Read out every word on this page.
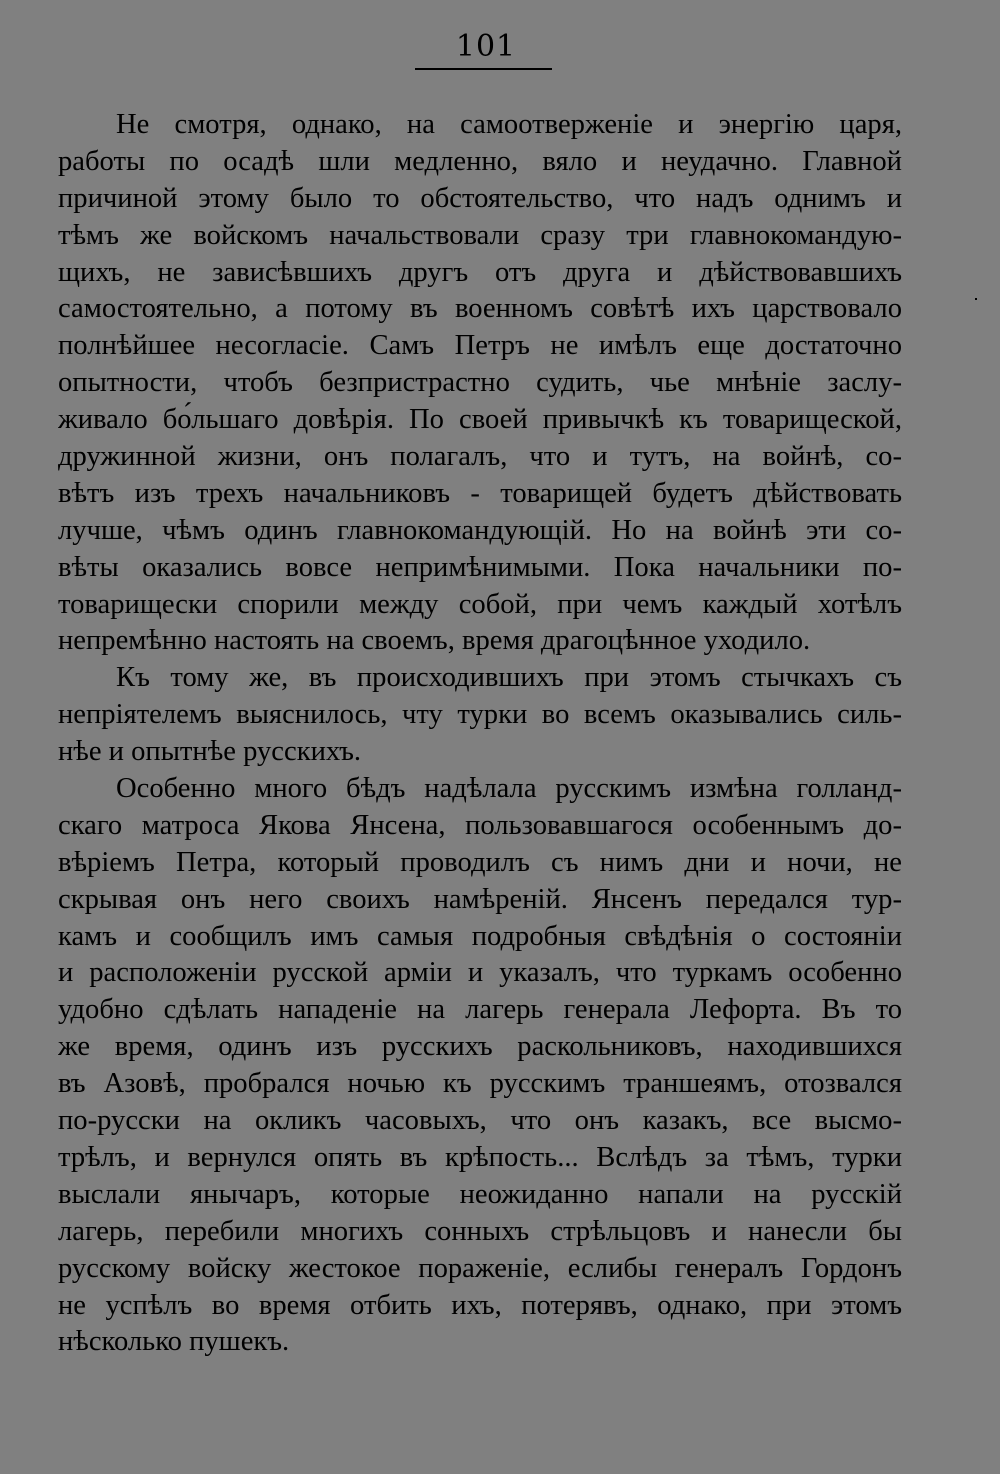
101
Не смотря, однако, на самоотверженіе и энергію царя,
работы по осадѣ шли медленно, вяло и неудачно. Главной
причиной этому было то обстоятельство, что надъ однимъ и
тѣмъ же войскомъ начальствовали сразу три главнокомандую-
щихъ, не зависѣвшихъ другъ отъ друга и дѣйствовавшихъ
самостоятельно, а потому въ военномъ совѣтѣ ихъ царствовало
полнѣйшее несогласіе. Самъ Петръ не имѣлъ еще достаточно
опытности, чтобъ безпристрастно судить, чье мнѣніе заслу-
живало бо́льшаго довѣрія. По своей привычкѣ къ товарищеской,
дружинной жизни, онъ полагалъ, что и тутъ, на войнѣ, со-
вѣтъ изъ трехъ начальниковъ - товарищей будетъ дѣйствовать
лучше, чѣмъ одинъ главнокомандующій. Но на войнѣ эти со-
вѣты оказались вовсе непримѣнимыми. Пока начальники по-
товарищески спорили между собой, при чемъ каждый хотѣлъ
непремѣнно настоять на своемъ, время драгоцѣнное уходило.
Къ тому же, въ происходившихъ при этомъ стычкахъ съ
непріятелемъ выяснилось, чту турки во всемъ оказывались силь-
нѣе и опытнѣе русскихъ.
Особенно много бѣдъ надѣлала русскимъ измѣна голланд-
скаго матроса Якова Янсена, пользовавшагося особеннымъ до-
вѣріемъ Петра, который проводилъ съ нимъ дни и ночи, не
скрывая онъ него своихъ намѣреній. Янсенъ передался тур-
камъ и сообщилъ имъ самыя подробныя свѣдѣнія о состояніи
и расположеніи русской арміи и указалъ, что туркамъ особенно
удобно сдѣлать нападеніе на лагерь генерала Лефорта. Въ то
же время, одинъ изъ русскихъ раскольниковъ, находившихся
въ Азовѣ, пробрался ночью къ русскимъ траншеямъ, отозвался
по-русски на окликъ часовыхъ, что онъ казакъ, все высмо-
трѣлъ, и вернулся опять въ крѣпость... Вслѣдъ за тѣмъ, турки
выслали янычаръ, которые неожиданно напали на русскій
лагерь, перебили многихъ сонныхъ стрѣльцовъ и нанесли бы
русскому войску жестокое пораженіе, еслибы генералъ Гордонъ
не успѣлъ во время отбить ихъ, потерявъ, однако, при этомъ
нѣсколько пушекъ.
